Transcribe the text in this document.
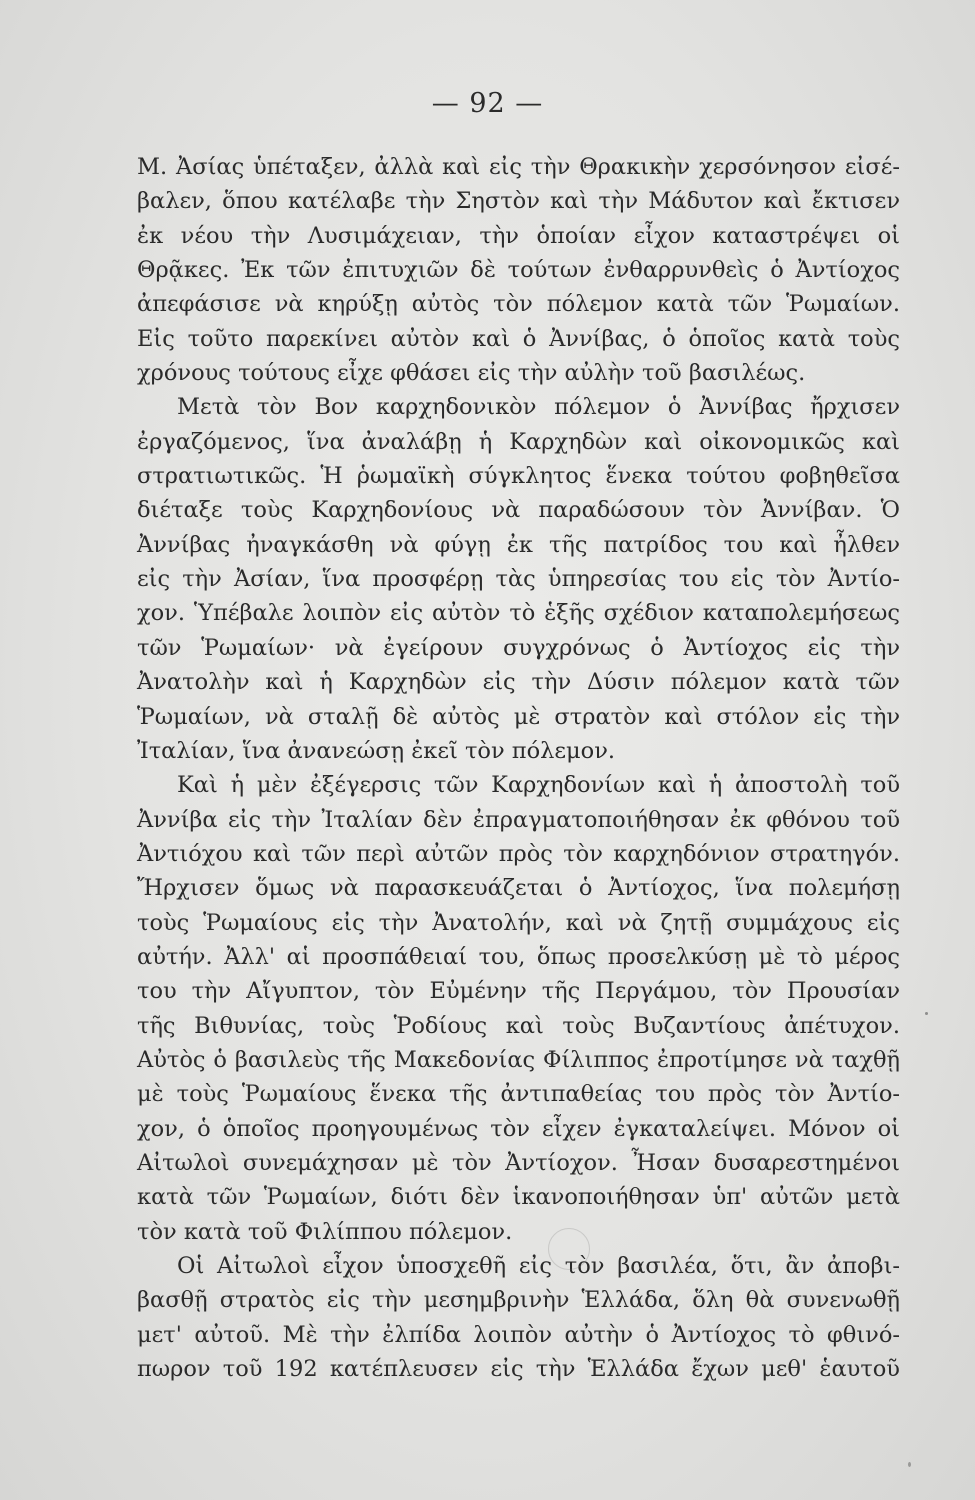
— 92 —
Μ. Ἀσίας ὑπέταξεν, ἀλλὰ καὶ εἰς τὴν Θρακικὴν χερσόνησον εἰσέ-
βαλεν, ὅπου κατέλαβε τὴν Σηστὸν καὶ τὴν Μάδυτον καὶ ἔκτισεν
ἐκ νέου τὴν Λυσιμάχειαν, τὴν ὁποίαν εἶχον καταστρέψει οἱ
Θρᾷκες. Ἐκ τῶν ἐπιτυχιῶν δὲ τούτων ἐνθαρρυνθεὶς ὁ Ἀντίοχος
ἀπεφάσισε νὰ κηρύξῃ αὐτὸς τὸν πόλεμον κατὰ τῶν Ῥωμαίων.
Εἰς τοῦτο παρεκίνει αὐτὸν καὶ ὁ Ἀννίβας, ὁ ὁποῖος κατὰ τοὺς
χρόνους τούτους εἶχε φθάσει εἰς τὴν αὐλὴν τοῦ βασιλέως.
Μετὰ τὸν Βον καρχηδονικὸν πόλεμον ὁ Ἀννίβας ἤρχισεν
ἐργαζόμενος, ἵνα ἀναλάβῃ ἡ Καρχηδὼν καὶ οἰκονομικῶς καὶ
στρατιωτικῶς. Ἡ ῥωμαϊκὴ σύγκλητος ἕνεκα τούτου φοβηθεῖσα
διέταξε τοὺς Καρχηδονίους νὰ παραδώσουν τὸν Ἀννίβαν. Ὁ
Ἀννίβας ἠναγκάσθη νὰ φύγῃ ἐκ τῆς πατρίδος του καὶ ἦλθεν
εἰς τὴν Ἀσίαν, ἵνα προσφέρῃ τὰς ὑπηρεσίας του εἰς τὸν Ἀντίο-
χον. Ὑπέβαλε λοιπὸν εἰς αὐτὸν τὸ ἑξῆς σχέδιον καταπολεμήσεως
τῶν Ῥωμαίων· νὰ ἐγείρουν συγχρόνως ὁ Ἀντίοχος εἰς τὴν
Ἀνατολὴν καὶ ἡ Καρχηδὼν εἰς τὴν Δύσιν πόλεμον κατὰ τῶν
Ῥωμαίων, νὰ σταλῇ δὲ αὐτὸς μὲ στρατὸν καὶ στόλον εἰς τὴν
Ἰταλίαν, ἵνα ἀνανεώσῃ ἐκεῖ τὸν πόλεμον.
Καὶ ἡ μὲν ἐξέγερσις τῶν Καρχηδονίων καὶ ἡ ἀποστολὴ τοῦ
Ἀννίβα εἰς τὴν Ἰταλίαν δὲν ἐπραγματοποιήθησαν ἐκ φθόνου τοῦ
Ἀντιόχου καὶ τῶν περὶ αὐτῶν πρὸς τὸν καρχηδόνιον στρατηγόν.
Ἤρχισεν ὅμως νὰ παρασκευάζεται ὁ Ἀντίοχος, ἵνα πολεμήσῃ
τοὺς Ῥωμαίους εἰς τὴν Ἀνατολήν, καὶ νὰ ζητῇ συμμάχους εἰς
αὐτήν. Ἀλλ' αἱ προσπάθειαί του, ὅπως προσελκύσῃ μὲ τὸ μέρος
του τὴν Αἴγυπτον, τὸν Εὐμένην τῆς Περγάμου, τὸν Προυσίαν
τῆς Βιθυνίας, τοὺς Ῥοδίους καὶ τοὺς Βυζαντίους ἀπέτυχον.
Αὐτὸς ὁ βασιλεὺς τῆς Μακεδονίας Φίλιππος ἐπροτίμησε νὰ ταχθῇ
μὲ τοὺς Ῥωμαίους ἕνεκα τῆς ἀντιπαθείας του πρὸς τὸν Ἀντίο-
χον, ὁ ὁποῖος προηγουμένως τὸν εἶχεν ἐγκαταλείψει. Μόνον οἱ
Αἰτωλοὶ συνεμάχησαν μὲ τὸν Ἀντίοχον. Ἦσαν δυσαρεστημένοι
κατὰ τῶν Ῥωμαίων, διότι δὲν ἱκανοποιήθησαν ὑπ' αὐτῶν μετὰ
τὸν κατὰ τοῦ Φιλίππου πόλεμον.
Οἱ Αἰτωλοὶ εἶχον ὑποσχεθῆ εἰς τὸν βασιλέα, ὅτι, ἂν ἀποβι-
βασθῇ στρατὸς εἰς τὴν μεσημβρινὴν Ἑλλάδα, ὅλη θὰ συνενωθῇ
μετ' αὐτοῦ. Μὲ τὴν ἐλπίδα λοιπὸν αὐτὴν ὁ Ἀντίοχος τὸ φθινό-
πωρον τοῦ 192 κατέπλευσεν εἰς τὴν Ἑλλάδα ἔχων μεθ' ἑαυτοῦ
